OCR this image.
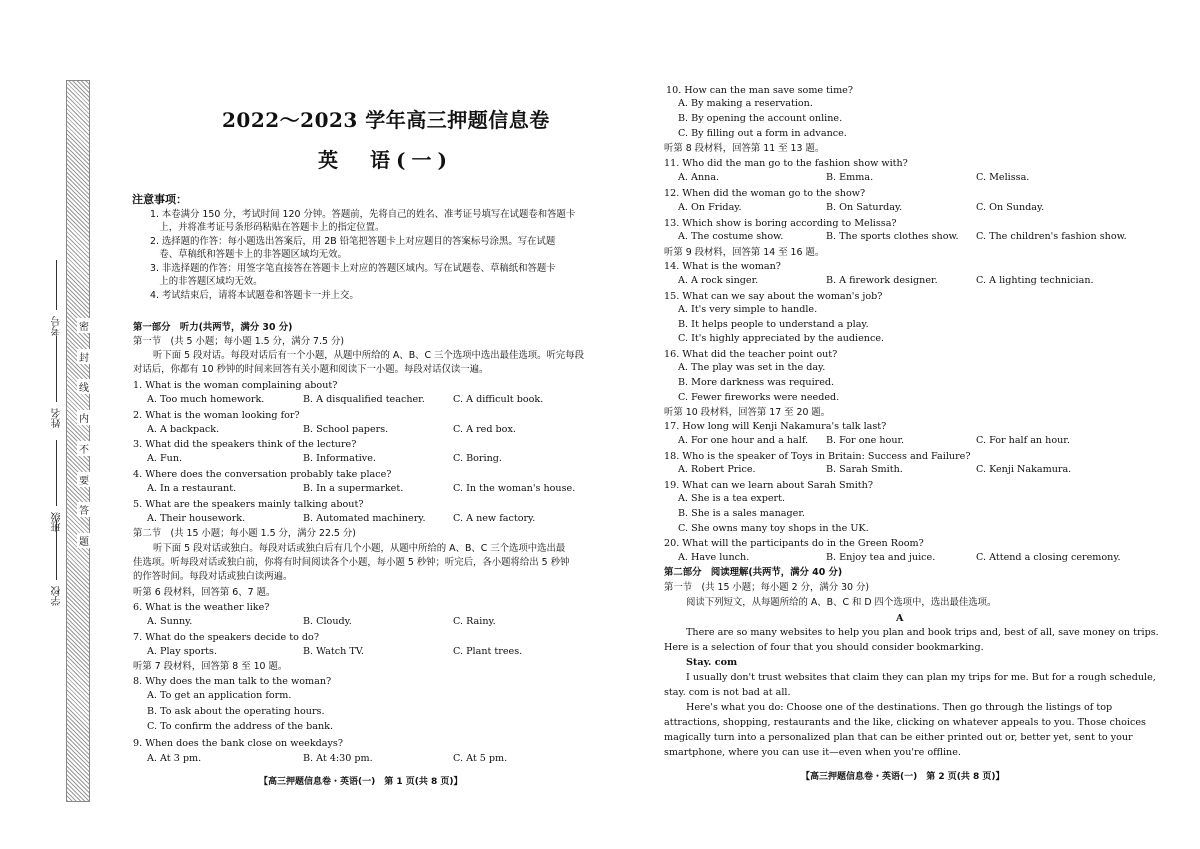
密
封
线
内
不
要
答
题
学校
班级
姓名
考号
2022～2023 学年高三押题信息卷
英　语(一)
注意事项：
1. 本卷满分 150 分，考试时间 120 分钟。答题前，先将自己的姓名、准考证号填写在试题卷和答题卡
　上，并将准考证号条形码粘贴在答题卡上的指定位置。
2. 选择题的作答：每小题选出答案后，用 2B 铅笔把答题卡上对应题目的答案标号涂黑。写在试题
　卷、草稿纸和答题卡上的非答题区域均无效。
3. 非选择题的作答：用签字笔直接答在答题卡上对应的答题区域内。写在试题卷、草稿纸和答题卡
　上的非答题区域均无效。
4. 考试结束后，请将本试题卷和答题卡一并上交。
第一部分　听力(共两节，满分 30 分)
第一节　(共 5 小题；每小题 1.5 分，满分 7.5 分)
听下面 5 段对话。每段对话后有一个小题，从题中所给的 A、B、C 三个选项中选出最佳选项。听完每段
对话后，你都有 10 秒钟的时间来回答有关小题和阅读下一小题。每段对话仅读一遍。
1. What is the woman complaining about?
A. Too much homework.	B. A disqualified teacher.	C. A difficult book.
2. What is the woman looking for?
A. A backpack.	B. School papers.	C. A red box.
3. What did the speakers think of the lecture?
A. Fun.	B. Informative.	C. Boring.
4. Where does the conversation probably take place?
A. In a restaurant.	B. In a supermarket.	C. In the woman's house.
5. What are the speakers mainly talking about?
A. Their housework.	B. Automated machinery.	C. A new factory.
第二节　(共 15 小题；每小题 1.5 分，满分 22.5 分)
听下面 5 段对话或独白。每段对话或独白后有几个小题，从题中所给的 A、B、C 三个选项中选出最
佳选项。听每段对话或独白前，你将有时间阅读各个小题，每小题 5 秒钟；听完后，各小题将给出 5 秒钟
的作答时间。每段对话或独白读两遍。
听第 6 段材料，回答第 6、7 题。
6. What is the weather like?
A. Sunny.	B. Cloudy.	C. Rainy.
7. What do the speakers decide to do?
A. Play sports.	B. Watch TV.	C. Plant trees.
听第 7 段材料，回答第 8 至 10 题。
8. Why does the man talk to the woman?
A. To get an application form.
B. To ask about the operating hours.
C. To confirm the address of the bank.
9. When does the bank close on weekdays?
A. At 3 pm.	B. At 4:30 pm.	C. At 5 pm.
【高三押题信息卷・英语(一)　第 1 页(共 8 页)】
10. How can the man save some time?
A. By making a reservation.
B. By opening the account online.
C. By filling out a form in advance.
听第 8 段材料，回答第 11 至 13 题。
11. Who did the man go to the fashion show with?
A. Anna.	B. Emma.	C. Melissa.
12. When did the woman go to the show?
A. On Friday.	B. On Saturday.	C. On Sunday.
13. Which show is boring according to Melissa?
A. The costume show.	B. The sports clothes show. C. The children's fashion show.
听第 9 段材料，回答第 14 至 16 题。
14. What is the woman?
A. A rock singer.	B. A firework designer.	C. A lighting technician.
15. What can we say about the woman's job?
A. It's very simple to handle.
B. It helps people to understand a play.
C. It's highly appreciated by the audience.
16. What did the teacher point out?
A. The play was set in the day.
B. More darkness was required.
C. Fewer fireworks were needed.
听第 10 段材料，回答第 17 至 20 题。
17. How long will Kenji Nakamura's talk last?
A. For one hour and a half. B. For one hour.	C. For half an hour.
18. Who is the speaker of Toys in Britain: Success and Failure?
A. Robert Price.	B. Sarah Smith.	C. Kenji Nakamura.
19. What can we learn about Sarah Smith?
A. She is a tea expert.
B. She is a sales manager.
C. She owns many toy shops in the UK.
20. What will the participants do in the Green Room?
A. Have lunch.	B. Enjoy tea and juice.	C. Attend a closing ceremony.
第二部分　阅读理解(共两节，满分 40 分)
第一节　(共 15 小题；每小题 2 分，满分 30 分)
阅读下列短文，从每题所给的 A、B、C 和 D 四个选项中，选出最佳选项。
A
There are so many websites to help you plan and book trips and, best of all, save money on trips.
Here is a selection of four that you should consider bookmarking.
Stay. com
I usually don't trust websites that claim they can plan my trips for me. But for a rough schedule,
stay. com is not bad at all.
Here's what you do: Choose one of the destinations. Then go through the listings of top
attractions, shopping, restaurants and the like, clicking on whatever appeals to you. Those choices
magically turn into a personalized plan that can be either printed out or, better yet, sent to your
smartphone, where you can use it—even when you're offline.
【高三押题信息卷・英语(一)　第 2 页(共 8 页)】
